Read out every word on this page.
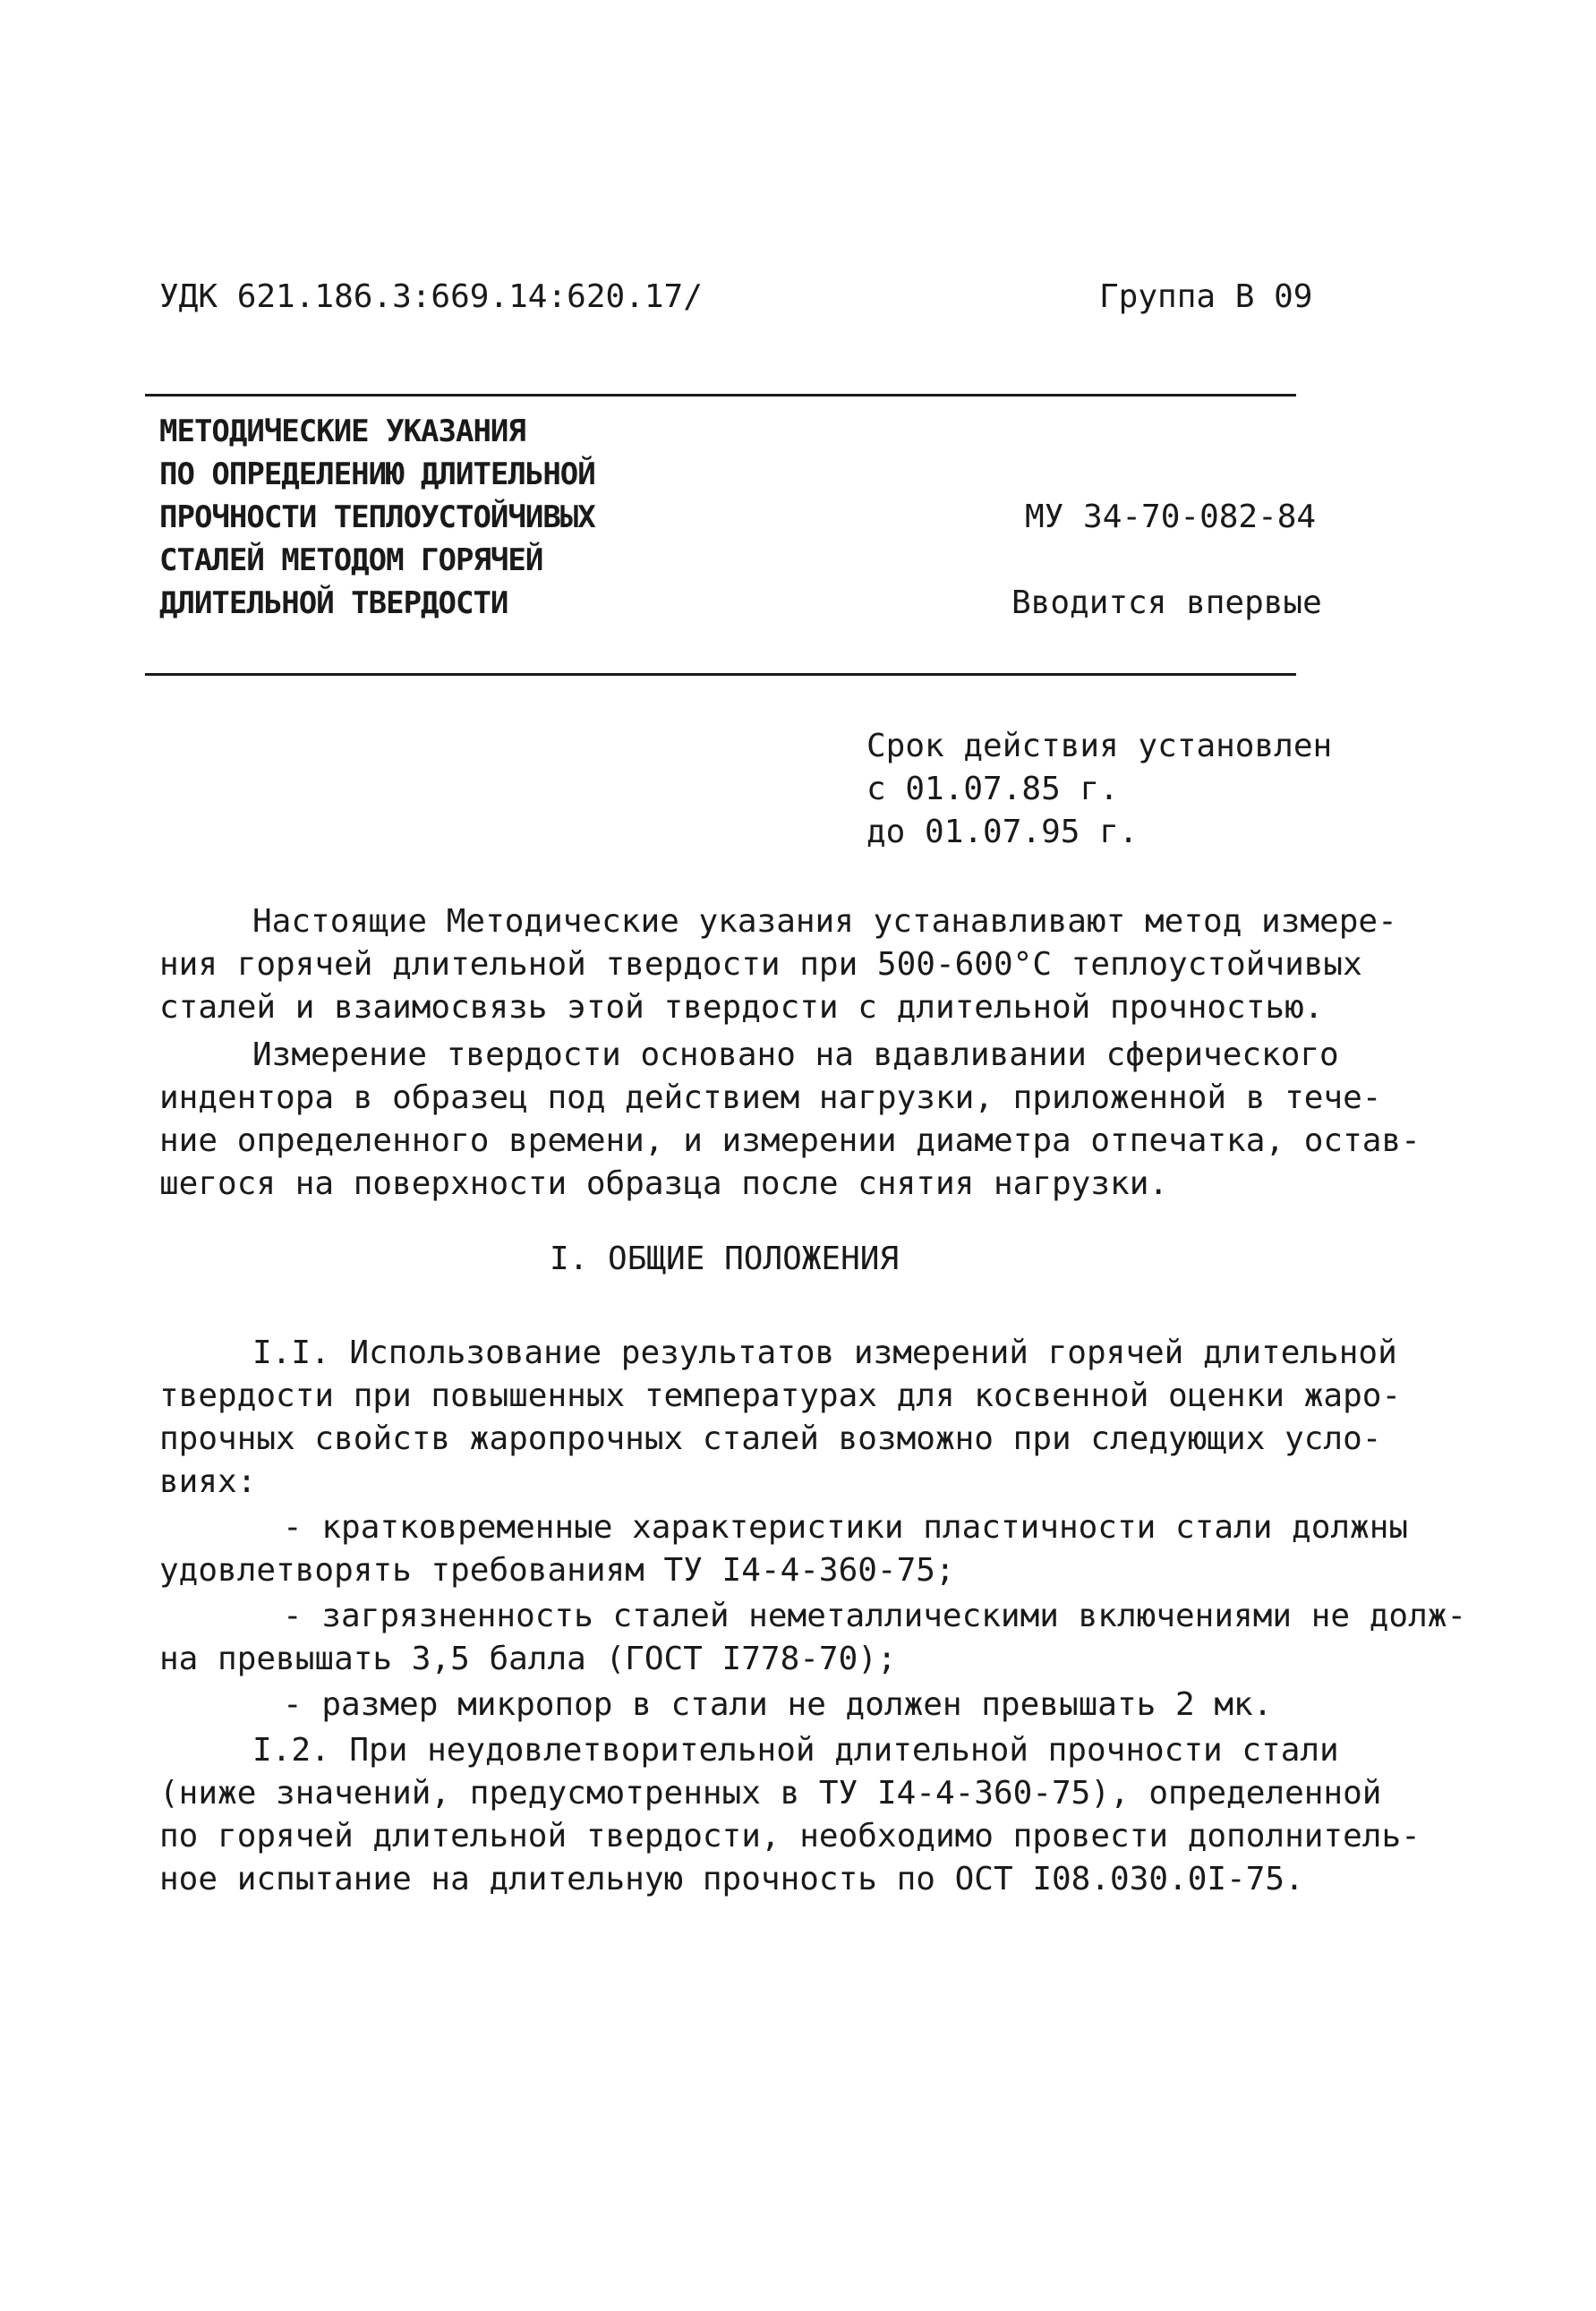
УДК 621.186.3:669.14:620.17/	Группа В 09
МЕТОДИЧЕСКИЕ УКАЗАНИЯ
ПО ОПРЕДЕЛЕНИЮ ДЛИТЕЛЬНОЙ
ПРОЧНОСТИ ТЕПЛОУСТОЙЧИВЫХ
СТАЛЕЙ МЕТОДОМ ГОРЯЧЕЙ
ДЛИТЕЛЬНОЙ ТВЕРДОСТИ
МУ 34-70-082-84
Вводится впервые
Срок действия установлен
с 01.07.85 г.
до 01.07.95 г.
Настоящие Методические указания устанавливают метод измере-
ния горячей длительной твердости при 500-600°С теплоустойчивых
сталей и взаимосвязь этой твердости с длительной прочностью.
Измерение твердости основано на вдавливании сферического
индентора в образец под действием нагрузки, приложенной в тече-
ние определенного времени, и измерении диаметра отпечатка, остав-
шегося на поверхности образца после снятия нагрузки.
I. ОБЩИЕ ПОЛОЖЕНИЯ
I.I. Использование результатов измерений горячей длительной
твердости при повышенных температурах для косвенной оценки жаро-
прочных свойств жаропрочных сталей возможно при следующих усло-
виях:
- кратковременные характеристики пластичности стали должны
удовлетворять требованиям ТУ I4-4-360-75;
- загрязненность сталей неметаллическими включениями не долж-
на превышать 3,5 балла (ГОСТ I778-70);
- размер микропор в стали не должен превышать 2 мк.
I.2. При неудовлетворительной длительной прочности стали
(ниже значений, предусмотренных в ТУ I4-4-360-75), определенной
по горячей длительной твердости, необходимо провести дополнитель-
ное испытание на длительную прочность по ОСТ I08.030.0I-75.
